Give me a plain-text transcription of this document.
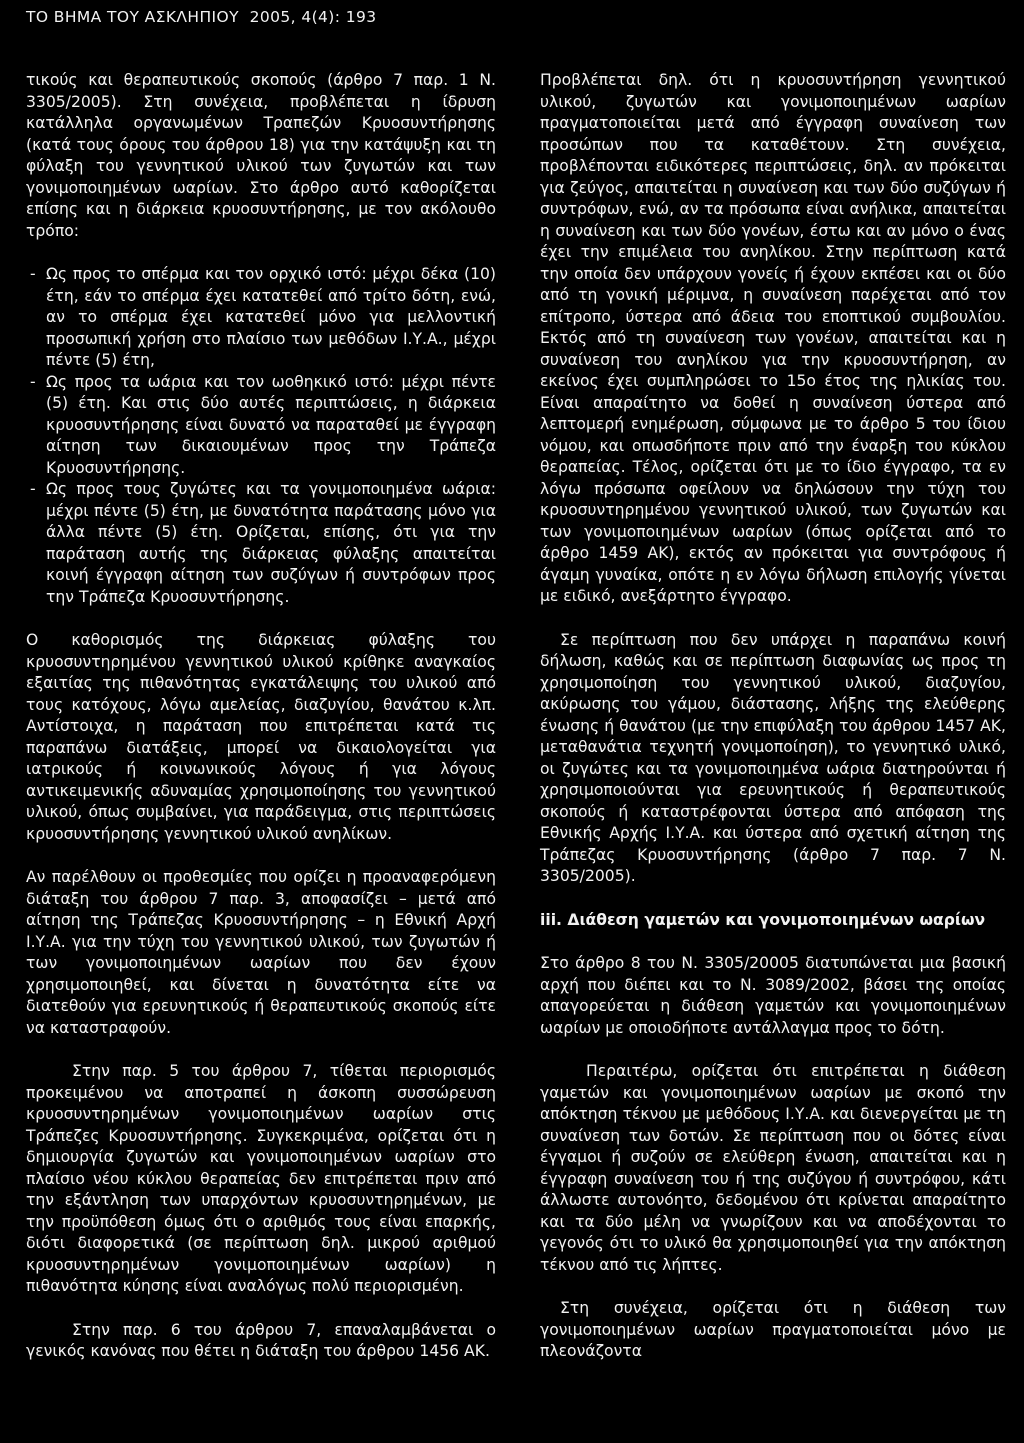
ΤΟ ΒΗΜΑ ΤΟΥ ΑΣΚΛΗΠΙΟΥ 2005, 4(4): 193

τικούς και θεραπευτικούς σκοπούς (άρθρο 7 παρ. 1 Ν. 3305/2005). Στη συνέχεια, προβλέπεται η ίδρυση κατάλληλα οργανωμένων Τραπεζών Κρυοσυντήρησης (κατά τους όρους του άρθρου 18) για την κατάψυξη και τη φύλαξη του γεννητικού υλικού των ζυγωτών και των γονιμοποιημένων ωαρίων. Στο άρθρο αυτό καθορίζεται επίσης και η διάρκεια κρυοσυντήρησης, με τον ακόλουθο τρόπο:

- Ως προς το σπέρμα και τον ορχικό ιστό: μέχρι δέκα (10) έτη, εάν το σπέρμα έχει κατατεθεί από τρίτο δότη, ενώ, αν το σπέρμα έχει κατατεθεί μόνο για μελλοντική προσωπική χρήση στο πλαίσιο των μεθόδων Ι.Υ.Α., μέχρι πέντε (5) έτη,
- Ως προς τα ωάρια και τον ωοθηκικό ιστό: μέχρι πέντε (5) έτη. Και στις δύο αυτές περιπτώσεις, η διάρκεια κρυοσυντήρησης είναι δυνατό να παραταθεί με έγγραφη αίτηση των δικαιουμένων προς την Τράπεζα Κρυοσυντήρησης.
- Ως προς τους ζυγώτες και τα γονιμοποιημένα ωάρια: μέχρι πέντε (5) έτη, με δυνατότητα παράτασης μόνο για άλλα πέντε (5) έτη. Ορίζεται, επίσης, ότι για την παράταση αυτής της διάρκειας φύλαξης απαιτείται κοινή έγγραφη αίτηση των συζύγων ή συντρόφων προς την Τράπεζα Κρυοσυντήρησης.

Ο καθορισμός της διάρκειας φύλαξης του κρυοσυντηρημένου γεννητικού υλικού κρίθηκε αναγκαίος εξαιτίας της πιθανότητας εγκατάλειψης του υλικού από τους κατόχους, λόγω αμελείας, διαζυγίου, θανάτου κ.λπ. Αντίστοιχα, η παράταση που επιτρέπεται κατά τις παραπάνω διατάξεις, μπορεί να δικαιολογείται για ιατρικούς ή κοινωνικούς λόγους ή για λόγους αντικειμενικής αδυναμίας χρησιμοποίησης του γεννητικού υλικού, όπως συμβαίνει, για παράδειγμα, στις περιπτώσεις κρυοσυντήρησης γεννητικού υλικού ανηλίκων.

Αν παρέλθουν οι προθεσμίες που ορίζει η προαναφερόμενη διάταξη του άρθρου 7 παρ. 3, αποφασίζει – μετά από αίτηση της Τράπεζας Κρυοσυντήρησης – η Εθνική Αρχή Ι.Υ.Α. για την τύχη του γεννητικού υλικού, των ζυγωτών ή των γονιμοποιημένων ωαρίων που δεν έχουν χρησιμοποιηθεί, και δίνεται η δυνατότητα είτε να διατεθούν για ερευνητικούς ή θεραπευτικούς σκοπούς είτε να καταστραφούν.

Στην παρ. 5 του άρθρου 7, τίθεται περιορισμός προκειμένου να αποτραπεί η άσκοπη συσσώρευση κρυοσυντηρημένων γονιμοποιημένων ωαρίων στις Τράπεζες Κρυοσυντήρησης. Συγκεκριμένα, ορίζεται ότι η δημιουργία ζυγωτών και γονιμοποιημένων ωαρίων στο πλαίσιο νέου κύκλου θεραπείας δεν επιτρέπεται πριν από την εξάντληση των υπαρχόντων κρυοσυντηρημένων, με την προϋπόθεση όμως ότι ο αριθμός τους είναι επαρκής, διότι διαφορετικά (σε περίπτωση δηλ. μικρού αριθμού κρυοσυντηρημένων γονιμοποιημένων ωαρίων) η πιθανότητα κύησης είναι αναλόγως πολύ περιορισμένη.

Στην παρ. 6 του άρθρου 7, επαναλαμβάνεται ο γενικός κανόνας που θέτει η διάταξη του άρθρου 1456 ΑΚ.

Προβλέπεται δηλ. ότι η κρυοσυντήρηση γεννητικού υλικού, ζυγωτών και γονιμοποιημένων ωαρίων πραγματοποιείται μετά από έγγραφη συναίνεση των προσώπων που τα καταθέτουν. Στη συνέχεια, προβλέπονται ειδικότερες περιπτώσεις, δηλ. αν πρόκειται για ζεύγος, απαιτείται η συναίνεση και των δύο συζύγων ή συντρόφων, ενώ, αν τα πρόσωπα είναι ανήλικα, απαιτείται η συναίνεση και των δύο γονέων, έστω και αν μόνο ο ένας έχει την επιμέλεια του ανηλίκου. Στην περίπτωση κατά την οποία δεν υπάρχουν γονείς ή έχουν εκπέσει και οι δύο από τη γονική μέριμνα, η συναίνεση παρέχεται από τον επίτροπο, ύστερα από άδεια του εποπτικού συμβουλίου. Εκτός από τη συναίνεση των γονέων, απαιτείται και η συναίνεση του ανηλίκου για την κρυοσυντήρηση, αν εκείνος έχει συμπληρώσει το 15ο έτος της ηλικίας του. Είναι απαραίτητο να δοθεί η συναίνεση ύστερα από λεπτομερή ενημέρωση, σύμφωνα με το άρθρο 5 του ίδιου νόμου, και οπωσδήποτε πριν από την έναρξη του κύκλου θεραπείας. Τέλος, ορίζεται ότι με το ίδιο έγγραφο, τα εν λόγω πρόσωπα οφείλουν να δηλώσουν την τύχη του κρυοσυντηρημένου γεννητικού υλικού, των ζυγωτών και των γονιμοποιημένων ωαρίων (όπως ορίζεται από το άρθρο 1459 ΑΚ), εκτός αν πρόκειται για συντρόφους ή άγαμη γυναίκα, οπότε η εν λόγω δήλωση επιλογής γίνεται με ειδικό, ανεξάρτητο έγγραφο.

Σε περίπτωση που δεν υπάρχει η παραπάνω κοινή δήλωση, καθώς και σε περίπτωση διαφωνίας ως προς τη χρησιμοποίηση του γεννητικού υλικού, διαζυγίου, ακύρωσης του γάμου, διάστασης, λήξης της ελεύθερης ένωσης ή θανάτου (με την επιφύλαξη του άρθρου 1457 ΑΚ, μεταθανάτια τεχνητή γονιμοποίηση), το γεννητικό υλικό, οι ζυγώτες και τα γονιμοποιημένα ωάρια διατηρούνται ή χρησιμοποιούνται για ερευνητικούς ή θεραπευτικούς σκοπούς ή καταστρέφονται ύστερα από απόφαση της Εθνικής Αρχής Ι.Υ.Α. και ύστερα από σχετική αίτηση της Τράπεζας Κρυοσυντήρησης (άρθρο 7 παρ. 7 Ν. 3305/2005).

iii. Διάθεση γαμετών και γονιμοποιημένων ωαρίων

Στο άρθρο 8 του Ν. 3305/20005 διατυπώνεται μια βασική αρχή που διέπει και το Ν. 3089/2002, βάσει της οποίας απαγορεύεται η διάθεση γαμετών και γονιμοποιημένων ωαρίων με οποιοδήποτε αντάλλαγμα προς το δότη.

Περαιτέρω, ορίζεται ότι επιτρέπεται η διάθεση γαμετών και γονιμοποιημένων ωαρίων με σκοπό την απόκτηση τέκνου με μεθόδους Ι.Υ.Α. και διενεργείται με τη συναίνεση των δοτών. Σε περίπτωση που οι δότες είναι έγγαμοι ή συζούν σε ελεύθερη ένωση, απαιτείται και η έγγραφη συναίνεση του ή της συζύγου ή συντρόφου, κάτι άλλωστε αυτονόητο, δεδομένου ότι κρίνεται απαραίτητο και τα δύο μέλη να γνωρίζουν και να αποδέχονται το γεγονός ότι το υλικό θα χρησιμοποιηθεί για την απόκτηση τέκνου από τις λήπτες.

Στη συνέχεια, ορίζεται ότι η διάθεση των γονιμοποιημένων ωαρίων πραγματοποιείται μόνο με πλεονάζοντα
